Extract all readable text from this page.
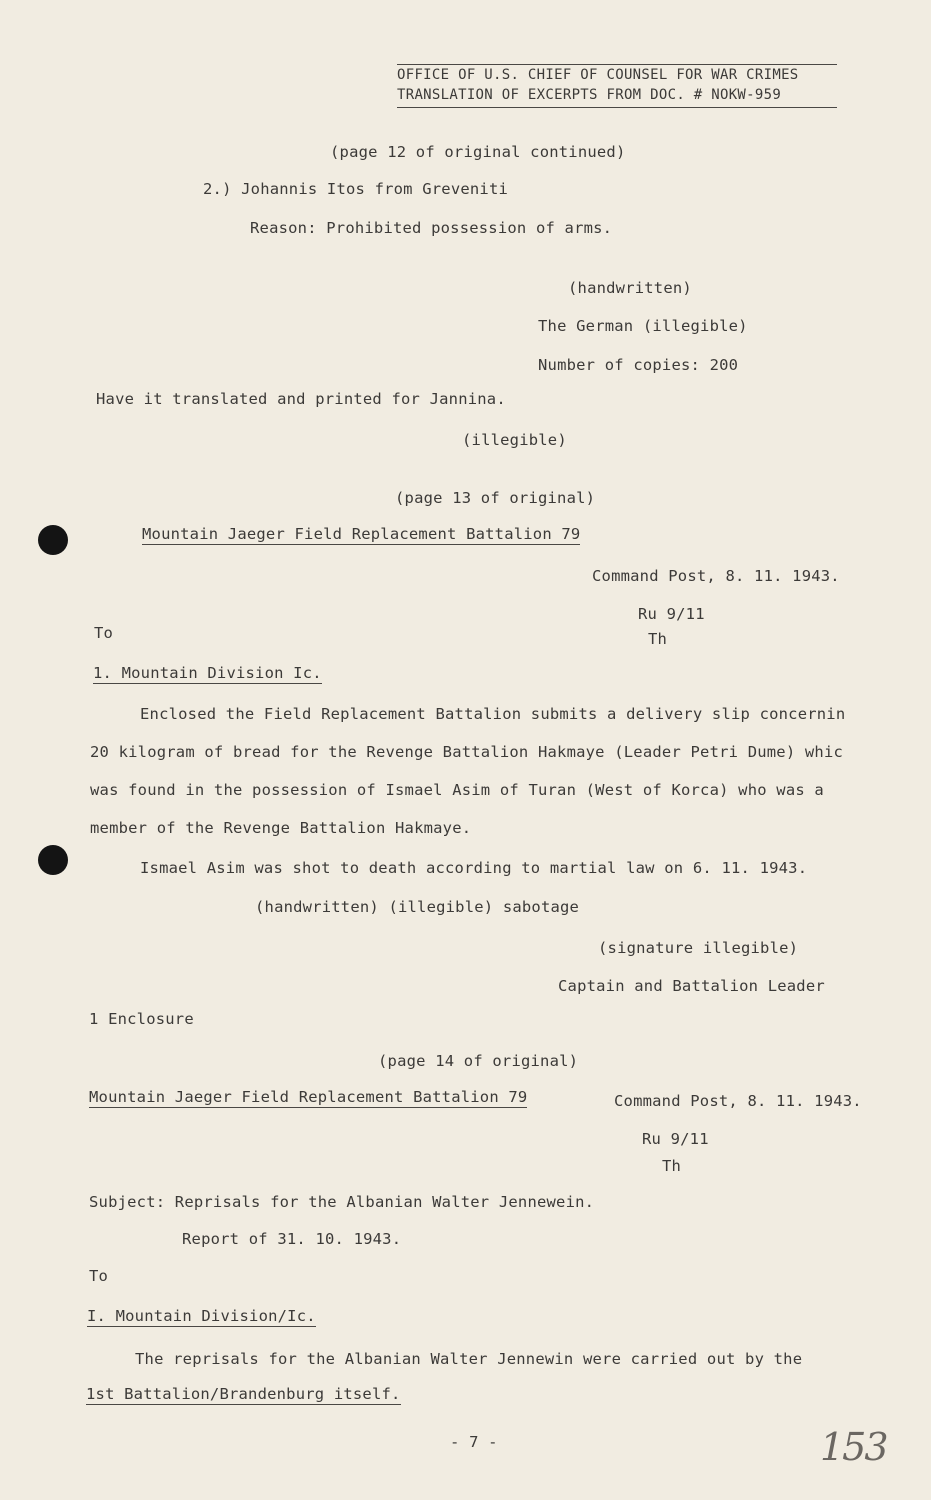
OFFICE OF U.S. CHIEF OF COUNSEL FOR WAR CRIMES
TRANSLATION OF EXCERPTS FROM DOC. # NOKW-959
(page 12 of original continued)
2.) Johannis Itos from Greveniti
Reason: Prohibited possession of arms.
(handwritten)
The German (illegible)
Number of copies: 200
Have it translated and printed for Jannina.
(illegible)
(page 13 of original)
Mountain Jaeger Field Replacement Battalion 79
Command Post, 8. 11. 1943.
Ru 9/11
Th
To
1. Mountain Division Ic.
Enclosed the Field Replacement Battalion submits a delivery slip concernin
20 kilogram of bread for the Revenge Battalion Hakmaye (Leader Petri Dume) whic
was found in the possession of Ismael Asim of Turan (West of Korca) who was a
member of the Revenge Battalion Hakmaye.
Ismael Asim was shot to death according to martial law on 6. 11. 1943.
(handwritten) (illegible) sabotage
(signature illegible)
Captain and Battalion Leader
1 Enclosure
(page 14 of original)
Mountain Jaeger Field Replacement Battalion 79	Command Post, 8. 11. 1943.
Ru 9/11
Th
Subject: Reprisals for the Albanian Walter Jennewein.
Report of 31. 10. 1943.
To
I. Mountain Division/Ic.
The reprisals for the Albanian Walter Jennewin were carried out by the
1st Battalion/Brandenburg itself.
- 7 -	153
